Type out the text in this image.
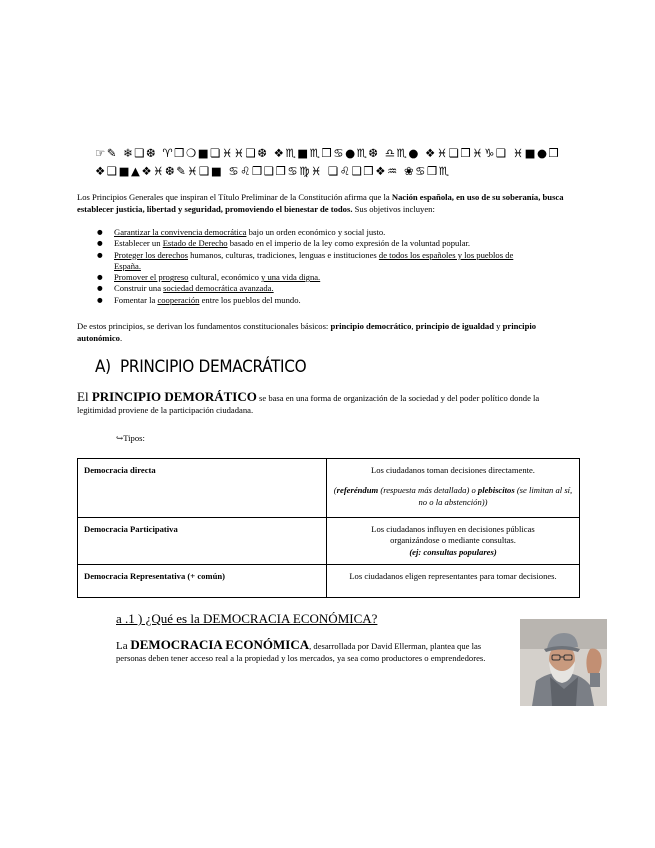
☞✎ ❄❑❆ ♈❒❍■❏♓♓❑❆ ❖♏■♏❒♋●♏❆ ♎♏● ❖♓❏❒♓♑❑ ♓■●❒
❖❑■▲❖♓❆✎♓❑■ ♋♌❒❑❐♋♍♓ ❏♌❑❒❖♒ ❀♋❒♏
Los Principios Generales que inspiran el Título Preliminar de la Constitución afirma que la Nación española, en uso de su soberanía, busca establecer justicia, libertad y seguridad, promoviendo el bienestar de todos. Sus objetivos incluyen:
● Garantizar la convivencia democrática bajo un orden económico y social justo.
● Establecer un Estado de Derecho basado en el imperio de la ley como expresión de la voluntad popular.
● Proteger los derechos humanos, culturas, tradiciones, lenguas e instituciones de todos los españoles y los pueblos de España.
● Promover el progreso cultural, económico y una vida digna.
● Construir una sociedad democrática avanzada.
● Fomentar la cooperación entre los pueblos del mundo.
De estos principios, se derivan los fundamentos constitucionales básicos: principio democrático, principio de igualdad y principio autonómico.
A) PRINCIPIO DEMACRÁTICO
El PRINCIPIO DEMORÁTICO se basa en una forma de organización de la sociedad y del poder político donde la legitimidad proviene de la participación ciudadana.
↪Tipos:
Democracia directa	Los ciudadanos toman decisiones directamente.
(referéndum (respuesta más detallada) o plebiscitos (se limitan al sí, no o la abstención))

Democracia Participativa	Los ciudadanos influyen en decisiones públicas organizándose o mediante consultas.
(ej: consultas populares)

Democracia Representativa (+ común)	Los ciudadanos eligen representantes para tomar decisiones.
a .1 ) ¿Qué es la DEMOCRACIA ECONÓMICA?
La DEMOCRACIA ECONÓMICA, desarrollada por David Ellerman, plantea que las personas deben tener acceso real a la propiedad y los mercados, ya sea como productores o emprendedores.
